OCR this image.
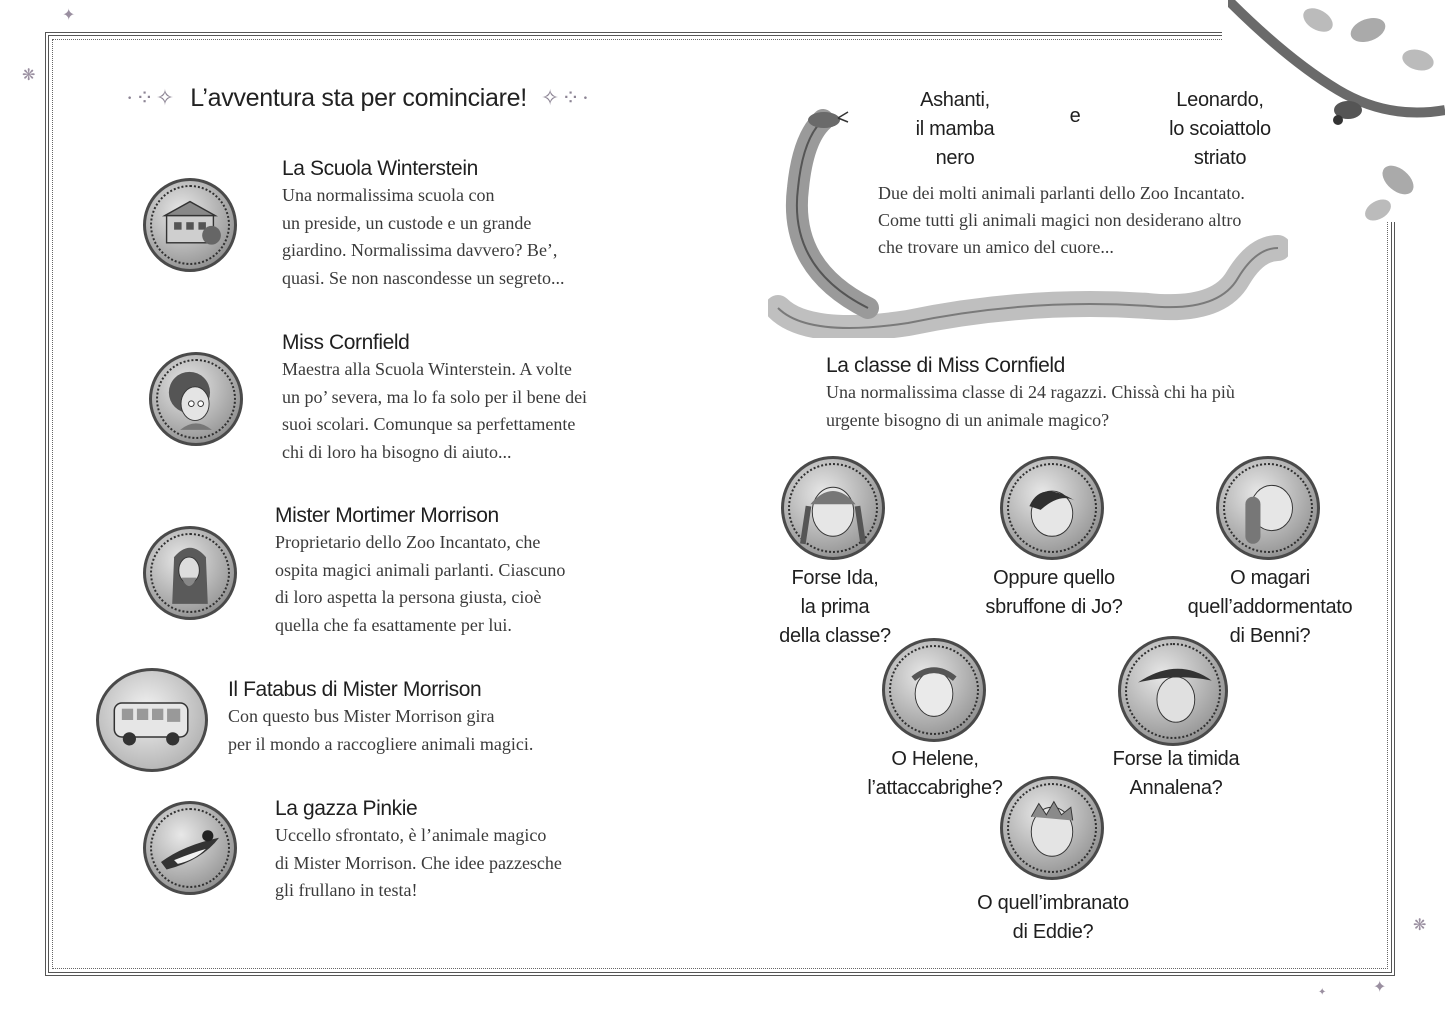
✦
❋
❋
✦
✦
·⁘✧ L’avventura sta per cominciare! ✧⁘·
La Scuola Winterstein

Una normalissima scuola con
un preside, un custode e un grande
giardino. Normalissima davvero? Be’,
quasi. Se non nascondesse un segreto...

Miss Cornfield

Maestra alla Scuola Winterstein. A volte
un po’ severa, ma lo fa solo per il bene dei
suoi scolari. Comunque sa perfettamente
chi di loro ha bisogno di aiuto...

Mister Mortimer Morrison

Proprietario dello Zoo Incantato, che
ospita magici animali parlanti. Ciascuno
di loro aspetta la persona giusta, cioè
quella che fa esattamente per lui.

Il Fatabus di Mister Morrison

Con questo bus Mister Morrison gira
per il mondo a raccogliere animali magici.

La gazza Pinkie

Uccello sfrontato, è l’animale magico
di Mister Morrison. Che idee pazzesche
gli frullano in testa!

Ashanti,
il mamba
nero
e
Leonardo,
lo scoiattolo
striato
Due dei molti animali parlanti dello Zoo Incantato.
Come tutti gli animali magici non desiderano altro
che trovare un amico del cuore...
La classe di Miss Cornfield

Una normalissima classe di 24 ragazzi. Chissà chi ha più
urgente bisogno di un animale magico?

Forse Ida,
la prima
della classe?
Oppure quello
sbruffone di Jo?
O magari
quell’addormentato
di Benni?
O Helene,
l’attaccabrighe?
Forse la timida
Annalena?
O quell’imbranato
di Eddie?
